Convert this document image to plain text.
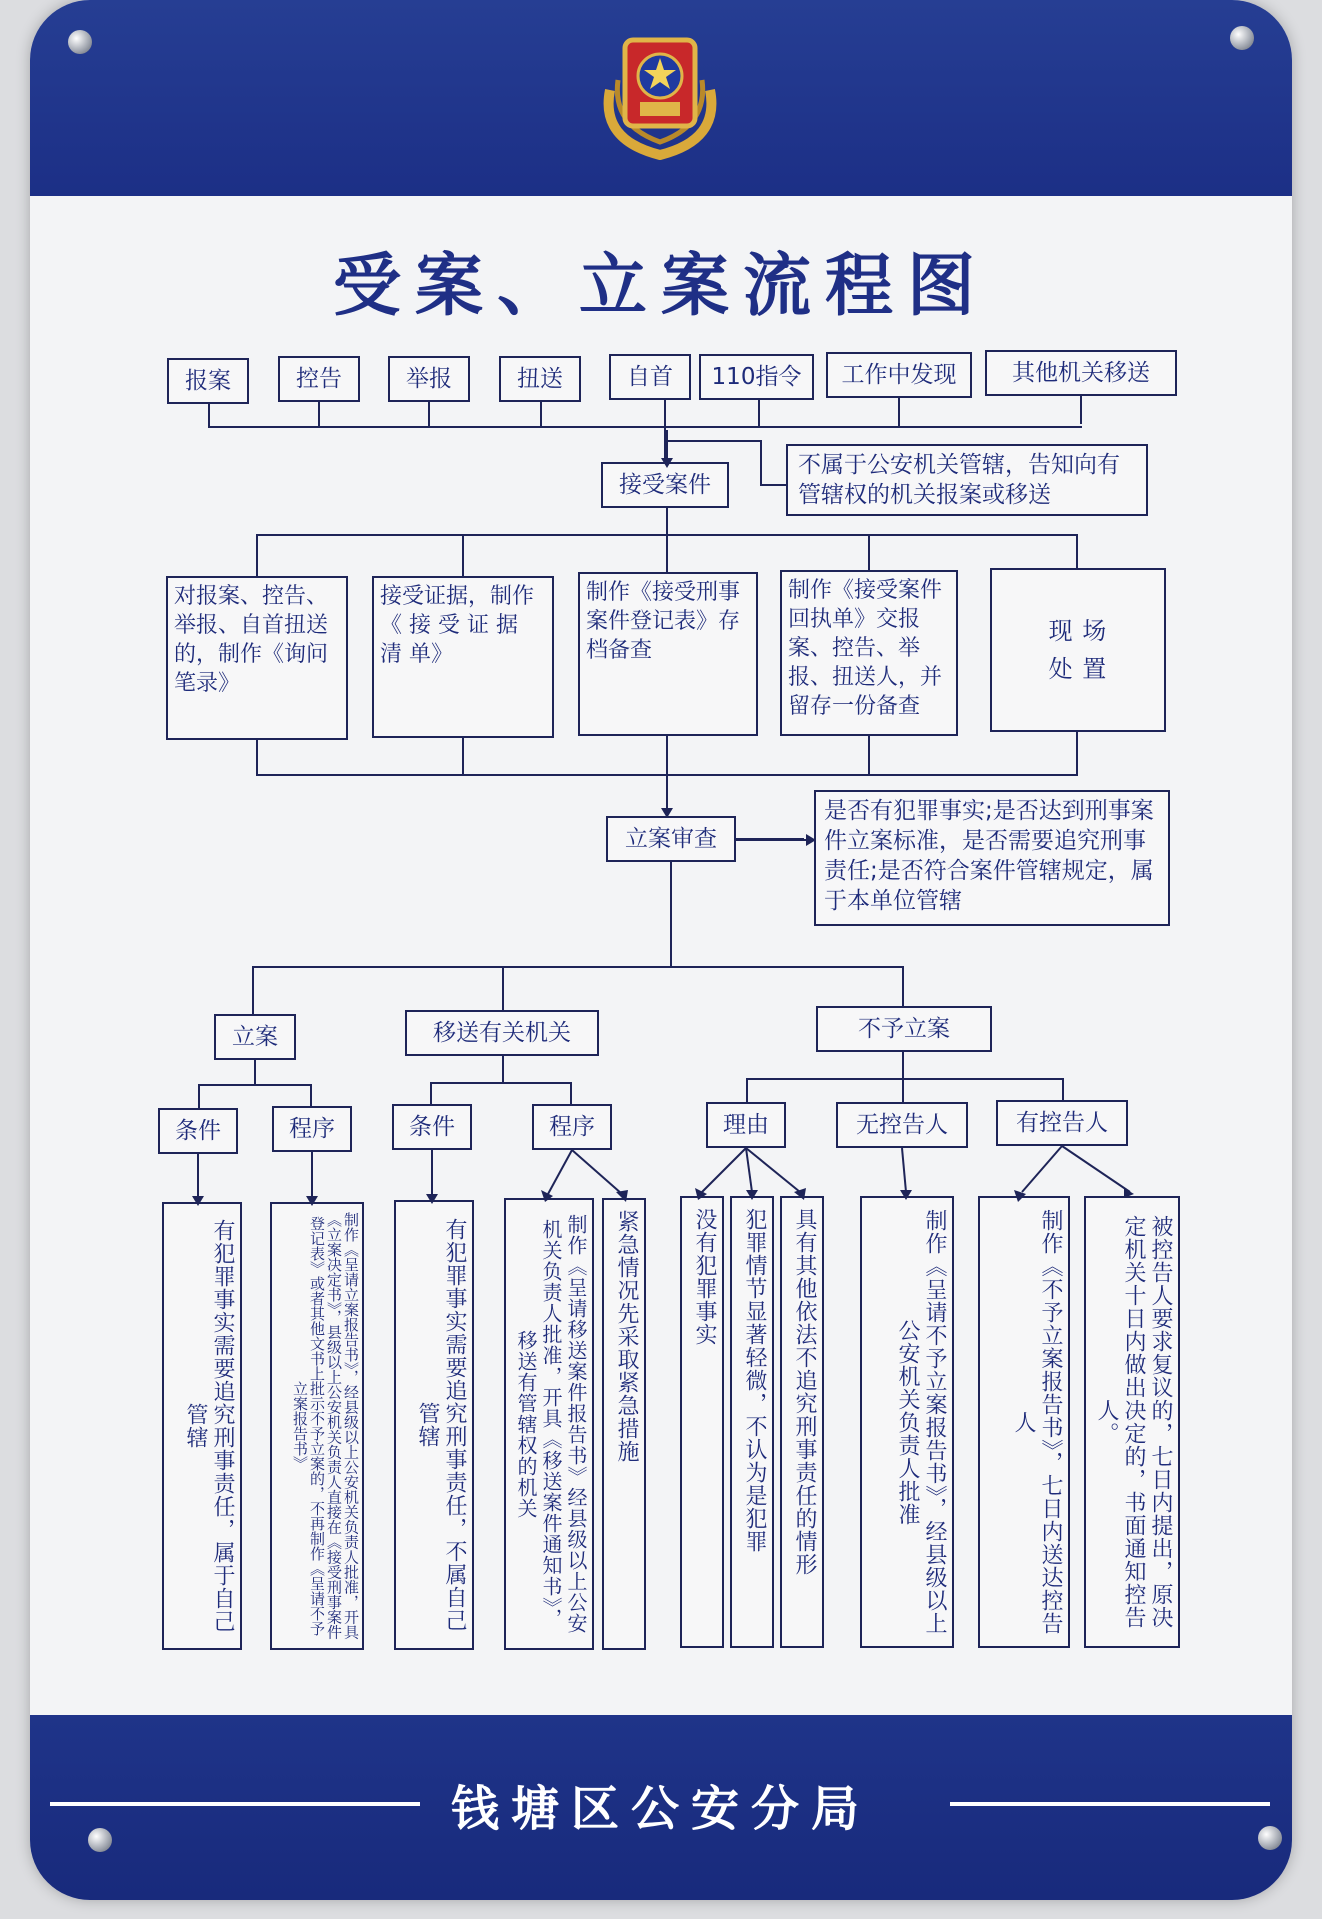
受案、立案流程图
钱塘区公安分局
报案	控告	举报	扭送	自首	110指令	工作中发现	其他机关移送
接受案件
不属于公安机关管辖，告知向有管辖权的机关报案或移送
对报案、控告、举报、自首扭送的，制作《询问笔录》
接受证据，制作《 接 受 证 据 清 单》
制作《接受刑事案件登记表》存档备查
制作《接受案件回执单》交报案、控告、举报、扭送人，并留存一份备查
现 场
处 置
立案审查
是否有犯罪事实;是否达到刑事案件立案标准，是否需要追究刑事责任;是否符合案件管辖规定，属于本单位管辖
立案	移送有关机关	不予立案
条件	程序	条件	程序	理由	无控告人	有控告人
有犯罪事实需要追究刑事责任，属于自己管辖	制作《呈请立案报告书》，经县级以上公安机关负责人批准，开具《立案决定书》，县级以上公安机关负责人直接在《接受刑事案件登记表》或者其他文书上批示不予立案的，不再制作《呈请不予立案报告书》	有犯罪事实需要追究刑事责任，不属自己管辖	制作《呈请移送案件报告书》经县级以上公安机关负责人批准，开具《移送案件通知书》，移送有管辖权的机关	紧急情况先采取紧急措施	没有犯罪事实	犯罪情节显著轻微，不认为是犯罪	具有其他依法不追究刑事责任的情形	制作《呈请不予立案报告书》，经县级以上公安机关负责人批准	制作《不予立案报告书》，七日内送达控告人	被控告人要求复议的，七日内提出，原决定机关十日内做出决定的，书面通知控告人。
